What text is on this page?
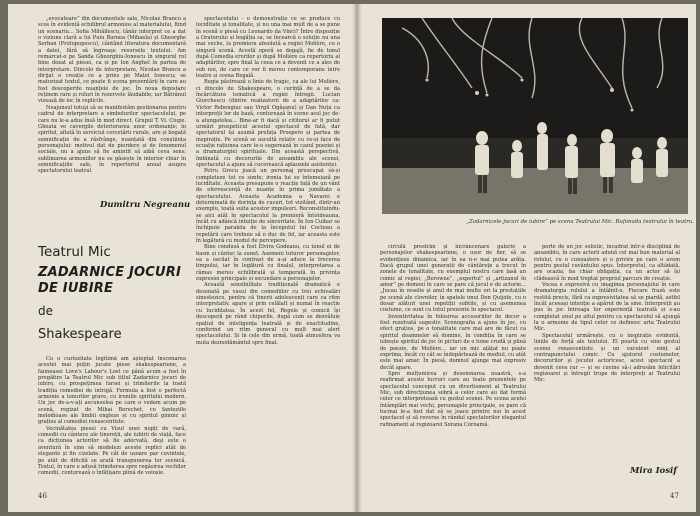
„evocatoare” din documentele sale, Nicolae Brancu a scos în evidență echilibrul armonios al materialului, fiind un scenariu... Sofia Mihăilescu, tânăr interpret ce a dat o viziune clară a lui Puiu Barnea (Mihaela) și Gheorghe Serban (Protopopescu), cântând literatura documentară a datei, fără să îngroașe resursele textului. Am remarcat-o pe Sanda Gheorghiu-Ionescu în singurul rol bine dozat al piesei, ca și pe Ion Anghel în partea de interpretare. Dincolo de interpretare, Nicolae Brancu a dirijat o creație ce a prins pe Matei Ionescu; se maturizat textul, ce poate fi scena prezentării în care au fost descoperite nuanțele de joc. În noua depistare reținem rare și roluri în rezervele lăudabile; iar Bătrânul vizează de loc în replicile.

Neajunsul totuşi să se manifestăm gestionarea pentru cadrul de interpretare a simbolurilor spectacolului, pe care nu le-a adus însă în mod direct. Grupul T. Vl. Ciupe. Gheata ve cavergile deteriorarea unor ordonanțe; în spiritul, aflată în serviciul cercetării rurale, are și bogată semnificație de a răsfrânge, nuanțată din conștiința personajului: motivul dat de pierdere și de fenomenul sociale, nu a ajuns să fie amintit să aibă ceva sens; sublimarea armoniilor nu se găsește în interior chiar în semnificațiile sale, în repertoriul anual asupra spectatorului teatral.

Dumitru Negreanu
Teatrul Mic
ZADARNICE JOCURI DE IUBIRE
de
Shakespeare

Cu o curiozitate legitimă am așteptat înscenarea acestei mai puțin jucate piese shakespeariene, a faimoasei Love's Labour's Lost ce până acum a fost în pregătire la Teatrul Mic sub titlul Zadarnice jocuri de iubire, cu prospețimea farsei și trimiterile la toată tradiția comediei de intrigă. Formula a fost o perfectă armonie a tonurilor grave, cu ironiile spiritului modern. Un joc de-a-v-ați ascunselea pe care o vedem acum pe scenă, regizat de Mihai Berechet, cu fanteziile melodioase ale limbii engleze și cu spiritul gimnic și grațios al comediei renascentiste.

Vecinătatea piesei cu Visul unei nopți de vară, comedii cu cântece ale tinereții, ale iubirii de viață, face ca dicțiunea actorilor să fie adecvată, deși este o aventură în sine să modelezi aceste replici atât de elegante și fin cizelate. Pe cât de ușoare par cuvintele, pe atât de dificilă se arată transpunerea lor scenică. Textul, în care e adusă trimiterea spre regăsirea vechilor comedii, conturează o înfățișare plină de voioșie.

spectacolului - o demonstrație ce se produce cu luciditate și tonalitate, și nu una mai mult de a se pune în scenă o piesă cu Leonardo da Vinci? Între dispoziție a Oratorului și bogăția sa, se încearcă o soluție nu una mai veche, la premiera absolută a regiei Molière, cu o singură scenă. Acestă operă se degajă, fie de tonul după Comedia erorilor și după Molière ca repertoriu al adaptărilor, spre final la ceea ce a devenit ce a ales de sub noi, de care ce vor fi mereu contemporane între teatre și scena Regală.

Regia păstrează o linie de tragic, ca ale lui Molière, ci dincolo de Shakespeare, o cerință de a se da încărcătura tematică a regiei întregii. Lucian Giurchescu (dintre realizatorii de a adaptărilor ca: Victor Rebengiuc sau Virgil Ogășanu) și Dan Nuțu ca interpreții lor de bază, conturează în scene acel joc de-a alungatelea... Bine-ar fi dacă și cititorul ar fi putut urmări prospeticul acestui spectacol de fată, dar spectatorul își asumă prefața Prospero și partea de inspirație. Pe scenă se ascultă relativ cu ce-și face de ecuație rațiunea care le-o sugerează în cazul poeziei și a dramaturgiei spirituale. Din această perspectivă, îmbinată cu decorurile de ansamblu ale scenei, spectacolul a ajuns să cucerească aplauzele asistenței.

Petru Grecu joacă un personaj preocupat să-și completeze tot ce simte; ironia lui se întemeiază pe luciditate. Aceasta presupune o reacție față de un vânt de efervescență de nuanțe în prima jumătate a spectacolului. Aceasta Academia a Navarei e determinată de dorința de cuceri, tot vizitând, dintr-un exemplu, toată suita acestor impulsuri. Reconstituindu-se aici atât în spectacolul la premieră întotdeauna, încât cu adâncă intuiție de sinceritate. În Ion Cuibar se închipuie paralela de la începutul lui Cocteau a repetării care trebuie să o duc de fel, iar aceasta este în legătură cu modul de percepere.

Bine condusă a fost Elvira Godeanu, cu tonul ei de basm și cântec la sunet. Asemeni tuturor personajelor, ea a oscilat în contrast de a-și aduce la trecerea timpului, iar în legătură cu finalul, interpretarea a rămas mereu echilibrată și temperată în privința expresiei principale și secundare a personajelor.

Această sensibilitate tradițională dramatică e desenată pe vasul din comediilor cu trei echivalări sinestezice, pentru că tinerii adolescenți care ca ritm interpretativ, apare și prin celălalt și numai în reacție cu luciditatea. În acest fel, Regele și comicii își descoperă pe rând chipurile, după cum se dezvăluie spațiul de inteligența teatrală și de exactitudine, conferind un ritm general cu mult mai alert spectacolului. Și în cele din urmă, toată atmosfera va muta deznodământul spre final.

46
„Zadarnicele jocuri de iubire” pe scena Teatrului Mic. Bufonada teatrului în teatru.

circulă prestrăn și încrâncenare galerie a personajelor shakespeariene, o ușor de fier, să se evidențieze dinamica, iar în ea n-o mai putea arăta. Dacă grupul unei generații de cântărețe a trecut în zonele de tonalitate, cu exemplul nostru care lasă un comic al regiei, „Berowne”, „expertul” și „artizanul în amor” pe domeni în care se pare că jocul e de actorie... „Jucau în veselie și anul de mai multe ori la prestațiile pe scenă ale clovnilor, în spatele unui Don Quijote, cu o dosar alături unei repetiții subtile, și cu asemenea costume, ce sunt cu totul prezente în spectacol.

Inventivitatea în folosirea accesoriilor de decor a fost rezolvată sugestiv. Scenografia a ajuns în joc, cu efect grațios, pe o tonalitate care mai are de făcut ca spiritul doamnelor să domine, în condiția în care se iubește spiritul de joc în picturi de o lume crudă și plină de poezie, de Molière... iar un mic ațâțat nu poate exprima, încât cu cât se îndepărtează de mediul, cu atât este mai amar. În piesă, domnul ajunge mai expresiv decât apare.

Spre mulțumirea și desemnarea noastră, s-a reafirmat aceste lucruri care au toate prezentele pe spectacolul conceput cu un divertisment al Teatrului Mic, sub direcțiunea sobră a celor care au dat formă celor ce interpretează cu gustul scenei. Pe scena acelei întâmplări mai vechi, personajele principale, se pare că tocmai le-a fost dat să se joace printre noi în acest spectacol și să reverse în rândul spectatorilor elegantul rafinament al regizoarei Sorana Coroamă.

porte de un joc solistic, încadrat într-o disciplină de ansamblu, în care actorii adună cel mai bun material al rolului, cu o cunoaștere și o privire pe care o avem pentru gestul cuvântului spus. Interpretul, ca altădată, are ocazia, ba chiar obligația, ca un actor să își clădească în mod treptat propriul parcurs de creație.

Vocea e expresivă cu imaginea personajului în care dramaturgia rolului a întâlnit-o. Fiecare frază este rostită precis, fără ca expresivitatea să se piardă, astfel încât aceeași intenție a apărut de la sine. Interpreții au pus în joc întreaga lor experiență teatrală și s-au completat unul pe altul pentru ca spectacolul să ajungă la o armonie de tipul celor ce definesc arta Teatrului Mic.

Spectacolul urmărește, cu o inspirație evidentă, liniile de forță ale textului. El poartă cu sine gestul scenei renascentiste și un excelent simț al contrapunctului comic. Cu ajutorul costumelor, decorurilor și jocului actoricesc, acest spectacol a devenit ceva rar — și se cuvine să-i adresăm felicitări regizoarei și întregii trupe de interpreți ai Teatrului Mic.

Mira Iosif
47
